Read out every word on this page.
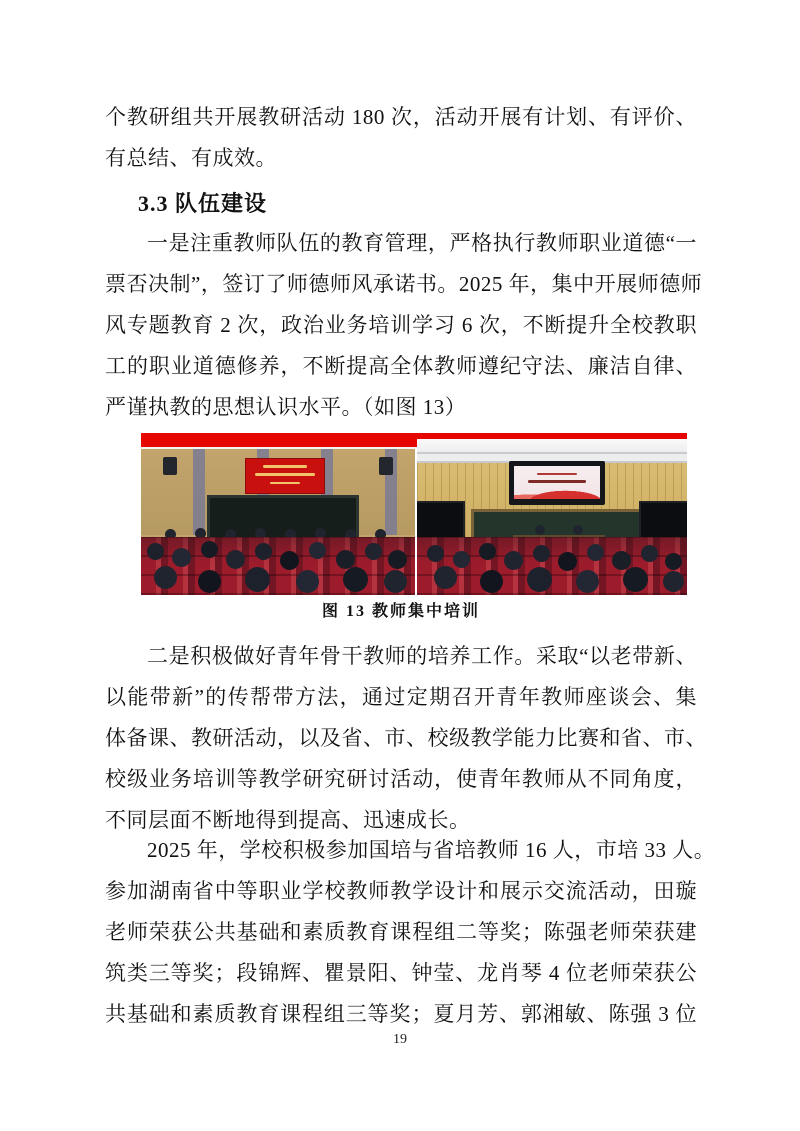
个教研组共开展教研活动 180 次，活动开展有计划、有评价、
有总结、有成效。
3.3 队伍建设
一是注重教师队伍的教育管理，严格执行教师职业道德“一
票否决制”，签订了师德师风承诺书。2025 年，集中开展师德师
风专题教育 2 次，政治业务培训学习 6 次，不断提升全校教职
工的职业道德修养，不断提高全体教师遵纪守法、廉洁自律、
严谨执教的思想认识水平。（如图 13）
图 13 教师集中培训
二是积极做好青年骨干教师的培养工作。采取“以老带新、
以能带新”的传帮带方法，通过定期召开青年教师座谈会、集
体备课、教研活动，以及省、市、校级教学能力比赛和省、市、
校级业务培训等教学研究研讨活动，使青年教师从不同角度，
不同层面不断地得到提高、迅速成长。
2025 年，学校积极参加国培与省培教师 16 人，市培 33 人。
参加湖南省中等职业学校教师教学设计和展示交流活动，田璇
老师荣获公共基础和素质教育课程组二等奖；陈强老师荣获建
筑类三等奖；段锦辉、瞿景阳、钟莹、龙肖琴 4 位老师荣获公
共基础和素质教育课程组三等奖；夏月芳、郭湘敏、陈强 3 位
19
